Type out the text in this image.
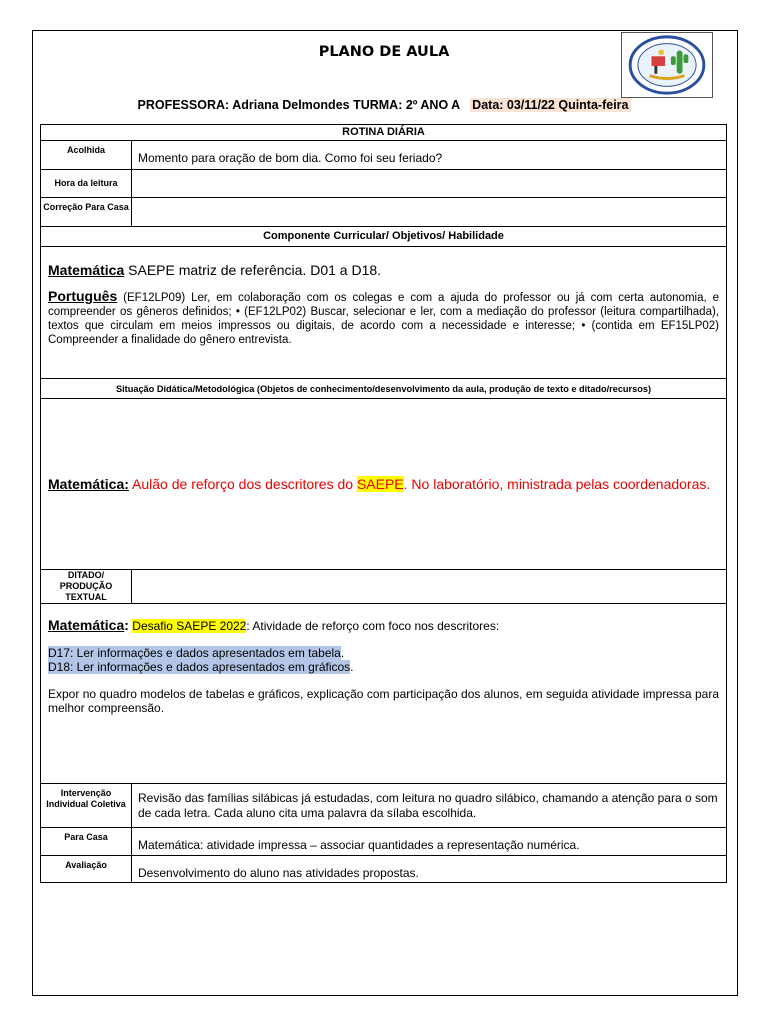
PLANO DE AULA
PROFESSORA: Adriana Delmondes TURMA: 2º ANO A Data: 03/11/22 Quinta-feira
ROTINA DIÁRIA	
Acolhida	Momento para oração de bom dia. Como foi seu feriado?
Hora da leitura	
Correção Para Casa	
Componente Curricular/ Objetivos/ Habilidade	

Matemática SAEPE matriz de referência. D01 a D18.
Português (EF12LP09) Ler, em colaboração com os colegas e com a ajuda do professor ou já com certa autonomia, e compreender os gêneros definidos; • (EF12LP02) Buscar, selecionar e ler, com a mediação do professor (leitura compartilhada), textos que circulam em meios impressos ou digitais, de acordo com a necessidade e interesse; • (contida em EF15LP02) Compreender a finalidade do gênero entrevista.	

Situação Didática/Metodológica (Objetos de conhecimento/desenvolvimento da aula, produção de texto e ditado/recursos)	

Matemática: Aulão de reforço dos descritores do SAEPE. No laboratório, ministrada pelas coordenadoras.	

DITADO/ PRODUÇÃO TEXTUAL	

Matemática: Desafio SAEPE 2022: Atividade de reforço com foco nos descritores:

D17: Ler informações e dados apresentados em tabela.

D18: Ler informações e dados apresentados em gráficos.

Expor no quadro modelos de tabelas e gráficos, explicação com participação dos alunos, em seguida atividade impressa para melhor compreensão.	

Intervenção Individual Coletiva	Revisão das famílias silábicas já estudadas, com leitura no quadro silábico, chamando a atenção para o som de cada letra. Cada aluno cita uma palavra da sílaba escolhida.
Para Casa	Matemática: atividade impressa – associar quantidades a representação numérica.
Avaliação	Desenvolvimento do aluno nas atividades propostas.
